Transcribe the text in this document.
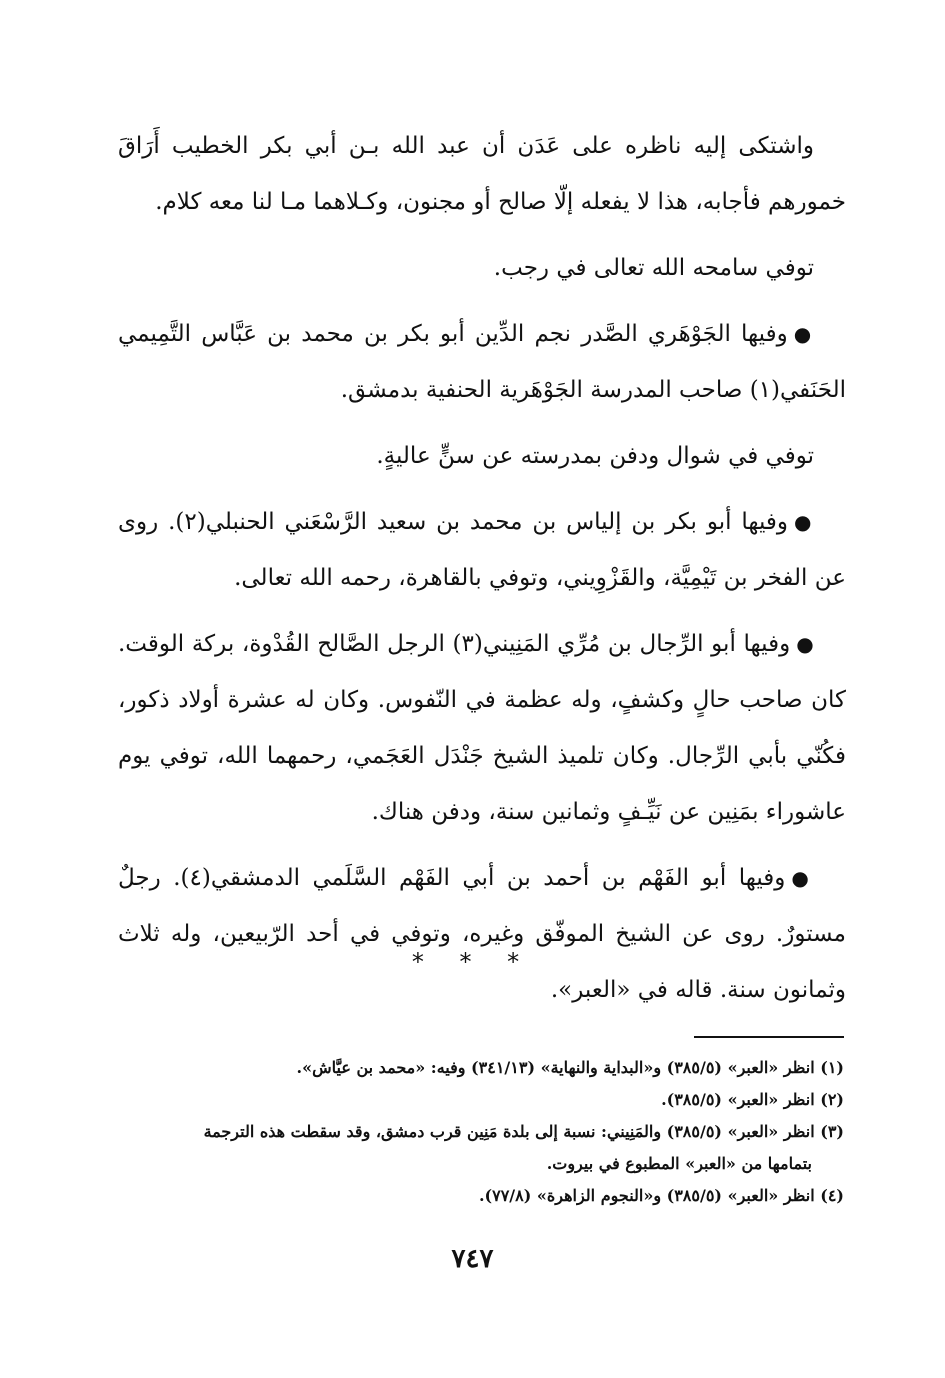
واشتكى إليه ناظره على عَدَن أن عبد الله بـن أبي بكر الخطيب أَرَاقَ خمورهم فأجابه، هذا لا يفعله إلّا صالح أو مجنون، وكـلاهما مـا لنا معه كلام.

توفي سامحه الله تعالى في رجب.

●وفيها الجَوْهَري الصَّدر نجم الدِّين أبو بكر بن محمد بن عَبَّاس التَّمِيمي الحَنَفي(١) صاحب المدرسة الجَوْهَرية الحنفية بدمشق.

توفي في شوال ودفن بمدرسته عن سنٍّ عاليةٍ.

●وفيها أبو بكر بن إلياس بن محمد بن سعيد الرَّسْعَني الحنبلي(٢). روى عن الفخر بن تَيْمِيَّة، والقَزْوِيني، وتوفي بالقاهرة، رحمه الله تعالى.

●وفيها أبو الرِّجال بن مُرِّي المَنِيني(٣) الرجل الصَّالح القُدْوة، بركة الوقت. كان صاحب حالٍ وكشفٍ، وله عظمة في النّفوس. وكان له عشرة أولاد ذكور، فكُنّي بأبي الرِّجال. وكان تلميذ الشيخ جَنْدَل العَجَمي، رحمهما الله، توفي يوم عاشوراء بمَنِين عن نَيِّـفٍ وثمانين سنة، ودفن هناك.

●وفيها أبو الفَهْم بن أحمد بن أبي الفَهْم السَّلَمي الدمشقي(٤). رجلٌ مستورٌ. روى عن الشيخ الموفّق وغيره، وتوفي في أحد الرّبيعين، وله ثلاث وثمانون سنة. قاله في «العبر».

* * *

(١) انظر «العبر» (٣٨٥/٥) و«البداية والنهاية» (٣٤١/١٣) وفيه: «محمد بن عيَّاش».

(٢) انظر «العبر» (٣٨٥/٥).

(٣) انظر «العبر» (٣٨٥/٥) والمَنِيني: نسبة إلى بلدة مَنِين قرب دمشق، وقد سقطت هذه الترجمة

بتمامها من «العبر» المطبوع في بيروت.

(٤) انظر «العبر» (٣٨٥/٥) و«النجوم الزاهرة» (٧٧/٨).

٧٤٧
